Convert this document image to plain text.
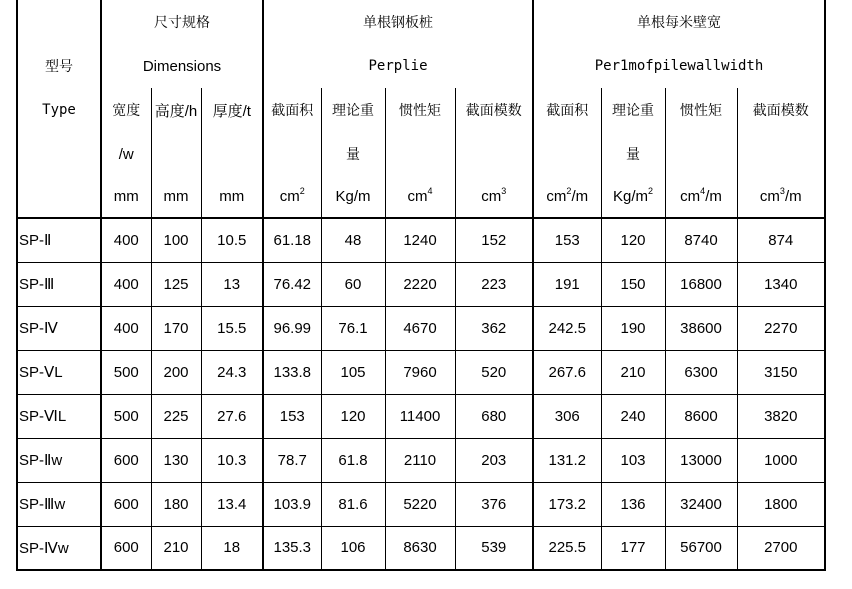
	尺寸规格			单根钢板桩				单根每米壁宽			
型号	Dimensions			Perplie				Per1mofpilewallwidth			
Type	宽度	高度/h	厚度/t	截面积	理论重	惯性矩	截面模数	截面积	理论重	惯性矩	截面模数
	/w				量				量		
	mm	mm	mm	$cm^2$	Kg/m	$cm^4$	$cm^3$	$cm^2/m$	$Kg/m^2$	$cm^4/m$	$cm^3/m$
SP-Ⅱ	400	100	10.5	61.18	48	1240	152	153	120	8740	874
SP-Ⅲ	400	125	13	76.42	60	2220	223	191	150	16800	1340
SP-Ⅳ	400	170	15.5	96.99	76.1	4670	362	242.5	190	38600	2270
SP-ⅤL	500	200	24.3	133.8	105	7960	520	267.6	210	6300	3150
SP-ⅥL	500	225	27.6	153	120	11400	680	306	240	8600	3820
SP-Ⅱw	600	130	10.3	78.7	61.8	2110	203	131.2	103	13000	1000
SP-Ⅲw	600	180	13.4	103.9	81.6	5220	376	173.2	136	32400	1800
SP-Ⅳw	600	210	18	135.3	106	8630	539	225.5	177	56700	2700
